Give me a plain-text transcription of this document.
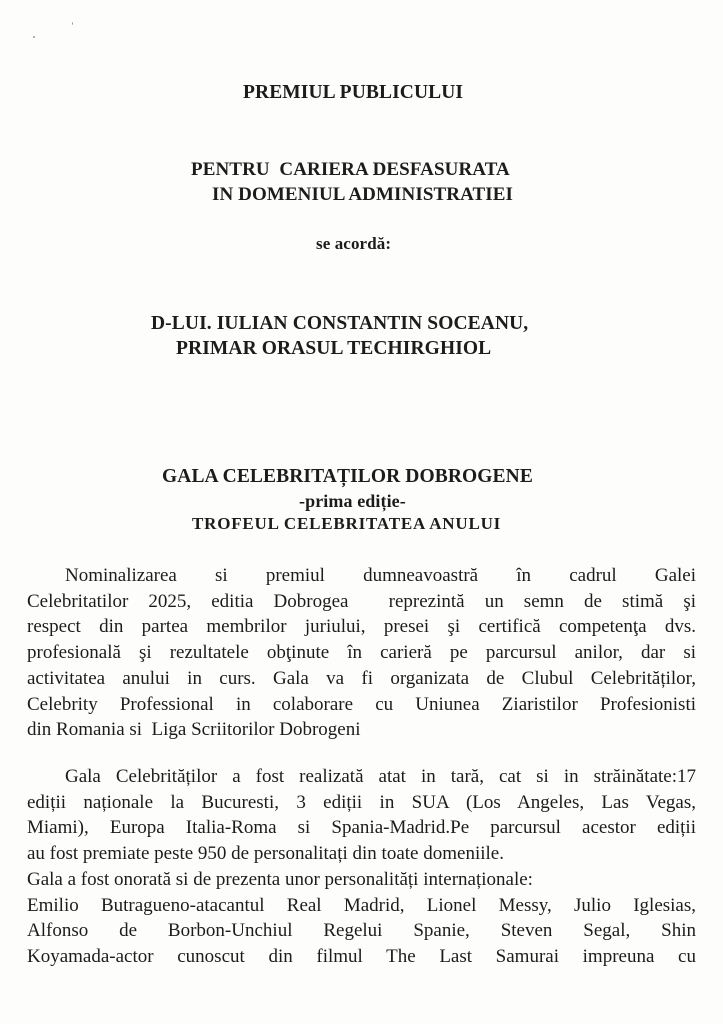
PREMIUL PUBLICULUI
PENTRU  CARIERA DESFASURATA
IN DOMENIUL ADMINISTRATIEI
se acordă:
D-LUI. IULIAN CONSTANTIN SOCEANU,
PRIMAR ORASUL TECHIRGHIOL
GALA CELEBRITAȚILOR DOBROGENE
-prima ediție-
TROFEUL CELEBRITATEA ANULUI
Nominalizarea   si   premiul   dumneavoastră   în   cadrul   Galei
Celebritatilor 2025, editia Dobrogea  reprezintă un semn de stimă şi
respect din partea membrilor juriului, presei şi certifică competenţa dvs.
profesională şi rezultatele obţinute în carieră pe parcursul anilor, dar si
activitatea anului in curs. Gala va fi organizata de Clubul Celebrităților,
Celebrity Professional in colaborare cu Uniunea Ziaristilor Profesionisti
din Romania si  Liga Scriitorilor Dobrogeni
Gala Celebrităților a fost realizată atat in tară, cat si in străinătate:17
ediții naționale la Bucuresti, 3 ediții in SUA (Los Angeles, Las Vegas,
Miami), Europa Italia-Roma si Spania-Madrid.Pe parcursul acestor ediții
au fost premiate peste 950 de personalitați din toate domeniile.
Gala a fost onorată si de prezenta unor personalități internaționale:
Emilio Butragueno-atacantul Real Madrid, Lionel Messy, Julio Iglesias,
Alfonso de Borbon-Unchiul Regelui Spanie, Steven Segal, Shin
Koyamada-actor cunoscut din filmul The Last Samurai impreuna cu
